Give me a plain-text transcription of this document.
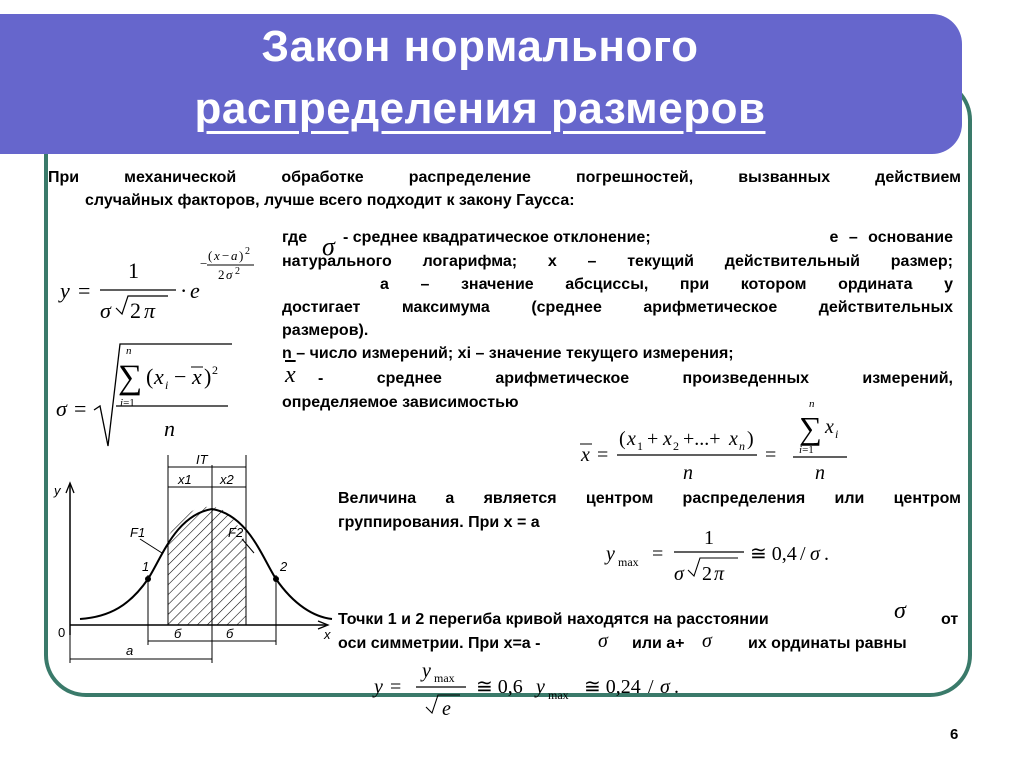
Закон нормального
распределения размеров
При механической обработке распределение погрешностей, вызванных действием
случайных факторов, лучше всего подходит к закону Гаусса:
y =
1
σ 2 π
· e
−
( x − a ) 2
2 σ 2
σ =
n
∑
i=1
( x i − x ) 2
n
где σ - среднее квадратическое отклонение;	е – основание
натурального логарифма; х – текущий действительный размер;
а – значение абсциссы, при котором ордината у
достигает максимума (среднее арифметическое действительных
размеров).
n – число измерений; xi – значение текущего измерения;
$\overline{x}$ - среднее арифметическое произведенных измерений,
определяемое зависимостью
x =
( x 1 + x 2 +...+ x n )
n
=
n
∑
i=1
x i
n
y
x
0
IT
x1 x2
F1	F2
1	2
б	б
a
Величина а является центром распределения или центром
группирования. При х = а
y max =
1
σ 2 π
≅ 0,4 / σ .
Точки 1 и 2 перегиба кривой находятся на расстоянии	σ от
оси симметрии. При х=а -	σ или а+ σ их ординаты равны
y =
y max
e
≅ 0,6 y max ≅ 0,24 / σ .
6
